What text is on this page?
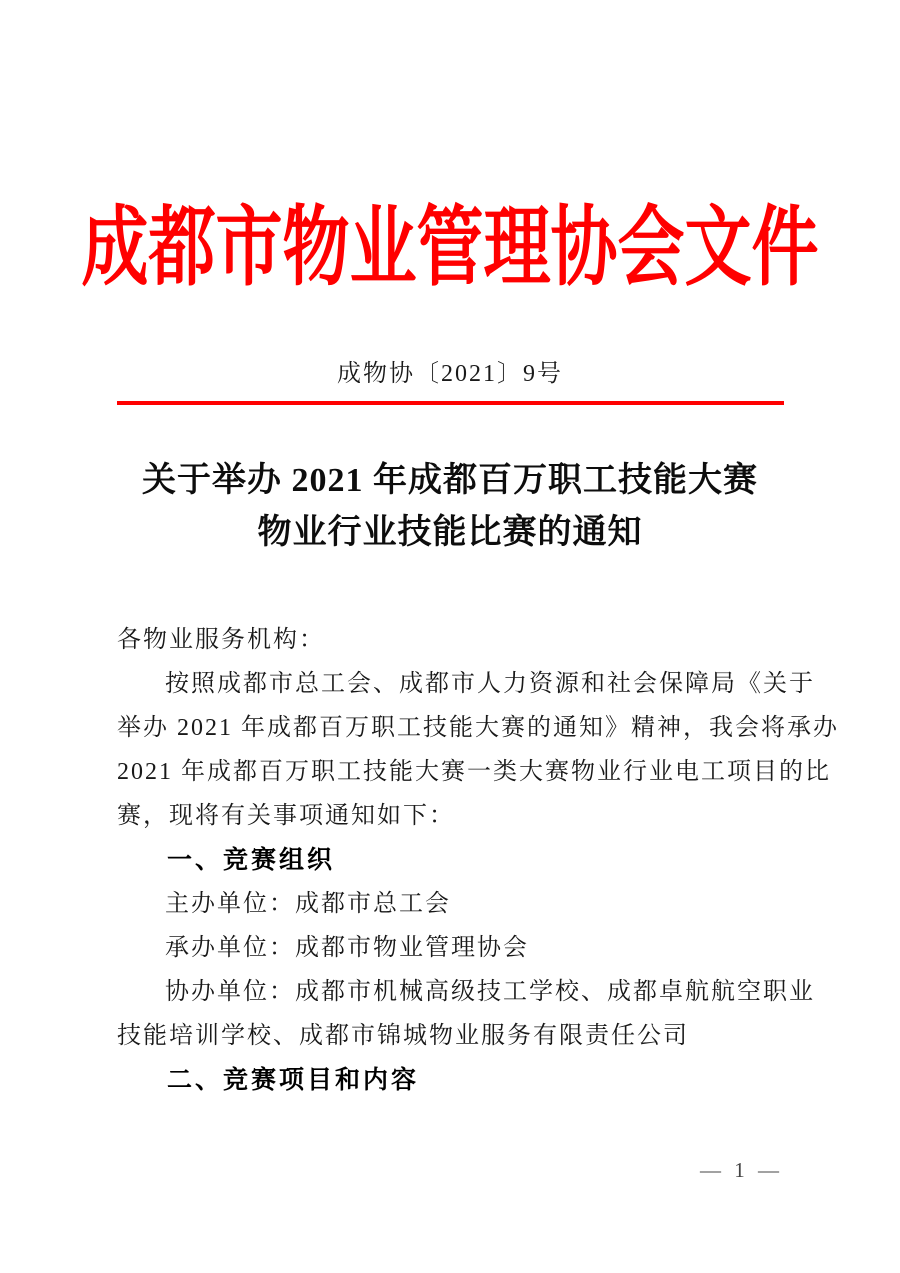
成都市物业管理协会文件
成物协〔2021〕9号
关于举办 2021 年成都百万职工技能大赛
物业行业技能比赛的通知
各物业服务机构：
按照成都市总工会、成都市人力资源和社会保障局《关于
举办 2021 年成都百万职工技能大赛的通知》精神，我会将承办
2021 年成都百万职工技能大赛一类大赛物业行业电工项目的比
赛，现将有关事项通知如下：
一、竞赛组织
主办单位：成都市总工会
承办单位：成都市物业管理协会
协办单位：成都市机械高级技工学校、成都卓航航空职业
技能培训学校、成都市锦城物业服务有限责任公司
二、竞赛项目和内容
— 1 —
